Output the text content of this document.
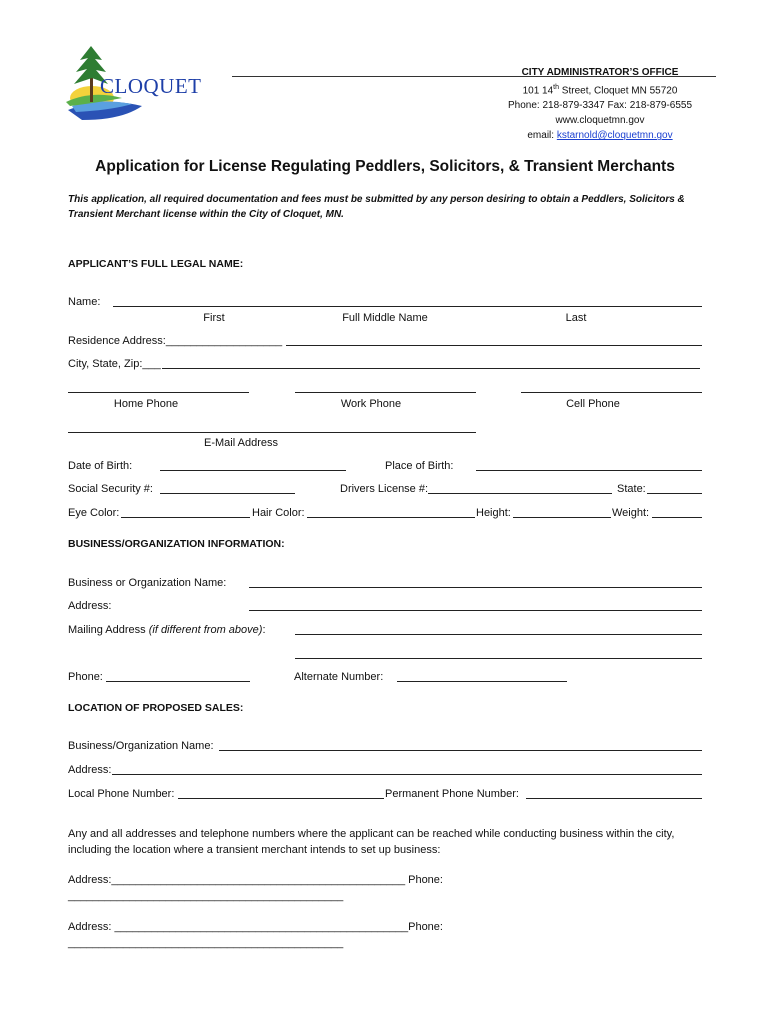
CLOQUET
CITY ADMINISTRATOR’S OFFICE
101 14th Street, Cloquet MN 55720
Phone: 218-879-3347 Fax: 218-879-6555
www.cloquetmn.gov
email: kstarnold@cloquetmn.gov
Application for License Regulating Peddlers, Solicitors, & Transient Merchants
This application, all required documentation and fees must be submitted by any person desiring to obtain a Peddlers, Solicitors & Transient Merchant license within the City of Cloquet, MN.
APPLICANT’S FULL LEGAL NAME:
Name:
First	Full Middle Name	Last
Residence Address:___________________
City, State, Zip:___
Home Phone	Work Phone	Cell Phone
E-Mail Address
Date of Birth:	Place of Birth:
Social Security #:	Drivers License #:	State:
Eye Color:	Hair Color:	Height:	Weight:
BUSINESS/ORGANIZATION INFORMATION:
Business or Organization Name:
Address:
Mailing Address (if different from above):
Phone:	Alternate Number:
LOCATION OF PROPOSED SALES:
Business/Organization Name:
Address:
Local Phone Number:	Permanent Phone Number:
Any and all addresses and telephone numbers where the applicant can be reached while conducting business within the city, including the location where a transient merchant intends to set up business:
Address:________________________________________________ Phone:
_____________________________________________
Address: ________________________________________________Phone:
_____________________________________________
